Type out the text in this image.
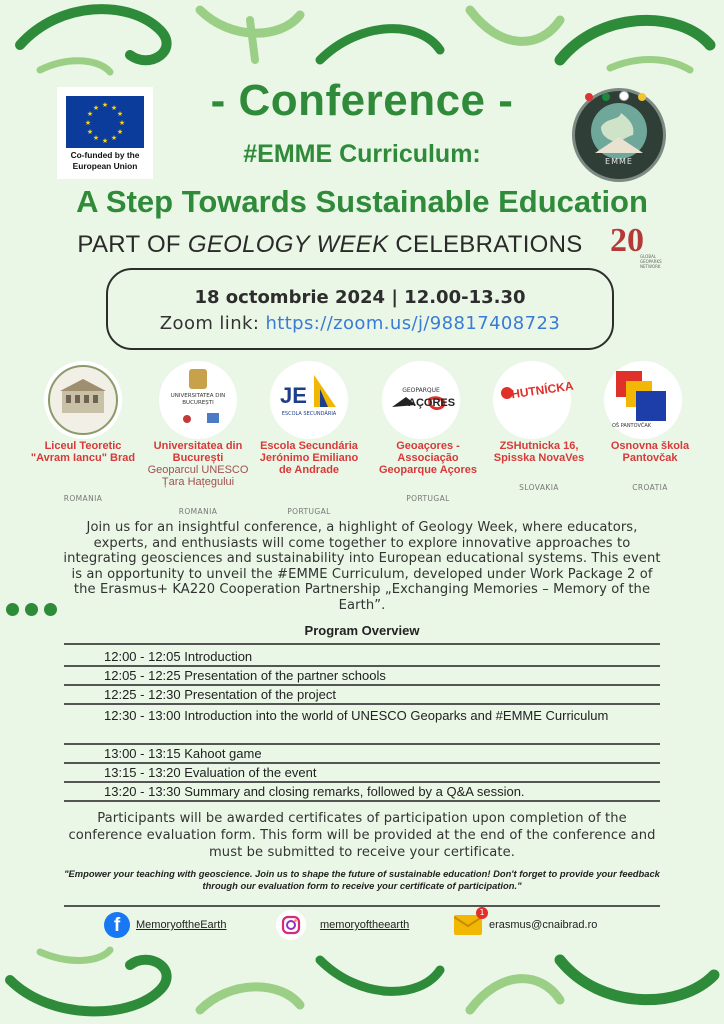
★ ★
★
★
★
★
★
★
★
★
★
★
Co-funded by the European Union	EMME

- Conference -
#EMME Curriculum:
A Step Towards Sustainable Education
PART OF GEOLOGY WEEK CELEBRATIONS 20
GLOBAL GEOPARKS NETWORK
18 octombrie 2024 | 12.00-13.30
Zoom link: https://zoom.us/j/98817408723
UNIVERSITATEA DIN BUCUREȘTI	JE
ESCOLA SECUNDÁRIA
GEOPARQUE
AÇORES
HUTNÍCKA
OŠ PANTOVČAK
Liceul Teoretic "Avram Iancu" Brad
ROMANIA
Universitatea din București
Geoparcul UNESCO Țara Hațegului
ROMANIA
Escola Secundária Jerónimo Emiliano de Andrade
PORTUGAL
Geoaçores - Associação Geoparque Açores
PORTUGAL
ZSHutnicka 16, Spisska NovaVes
SLOVAKIA
Osnovna škola Pantovčak
CROATIA
Join us for an insightful conference, a highlight of Geology Week, where educators, experts, and enthusiasts will come together to explore innovative approaches to integrating geosciences and sustainability into European educational systems. This event is an opportunity to unveil the #EMME Curriculum, developed under Work Package 2 of the Erasmus+ KA220 Cooperation Partnership „Exchanging Memories – Memory of the Earth”.
Program Overview
12:00 - 12:05 Introduction
12:05 - 12:25 Presentation of the partner schools
12:25 - 12:30 Presentation of the project
12:30 - 13:00 Introduction into the world of UNESCO Geoparks and #EMME Curriculum
13:00 - 13:15 Kahoot game
13:15 - 13:20 Evaluation of the event
13:20 - 13:30 Summary and closing remarks, followed by a Q&A session.
Participants will be awarded certificates of participation upon completion of the conference evaluation form. This form will be provided at the end of the conference and must be submitted to receive your certificate.
"Empower your teaching with geoscience. Join us to shape the future of sustainable education! Don't forget to provide your feedback through our evaluation form to receive your certificate of participation."
f	MemoryoftheEarth	memoryoftheearth
1
erasmus@cnaibrad.ro
